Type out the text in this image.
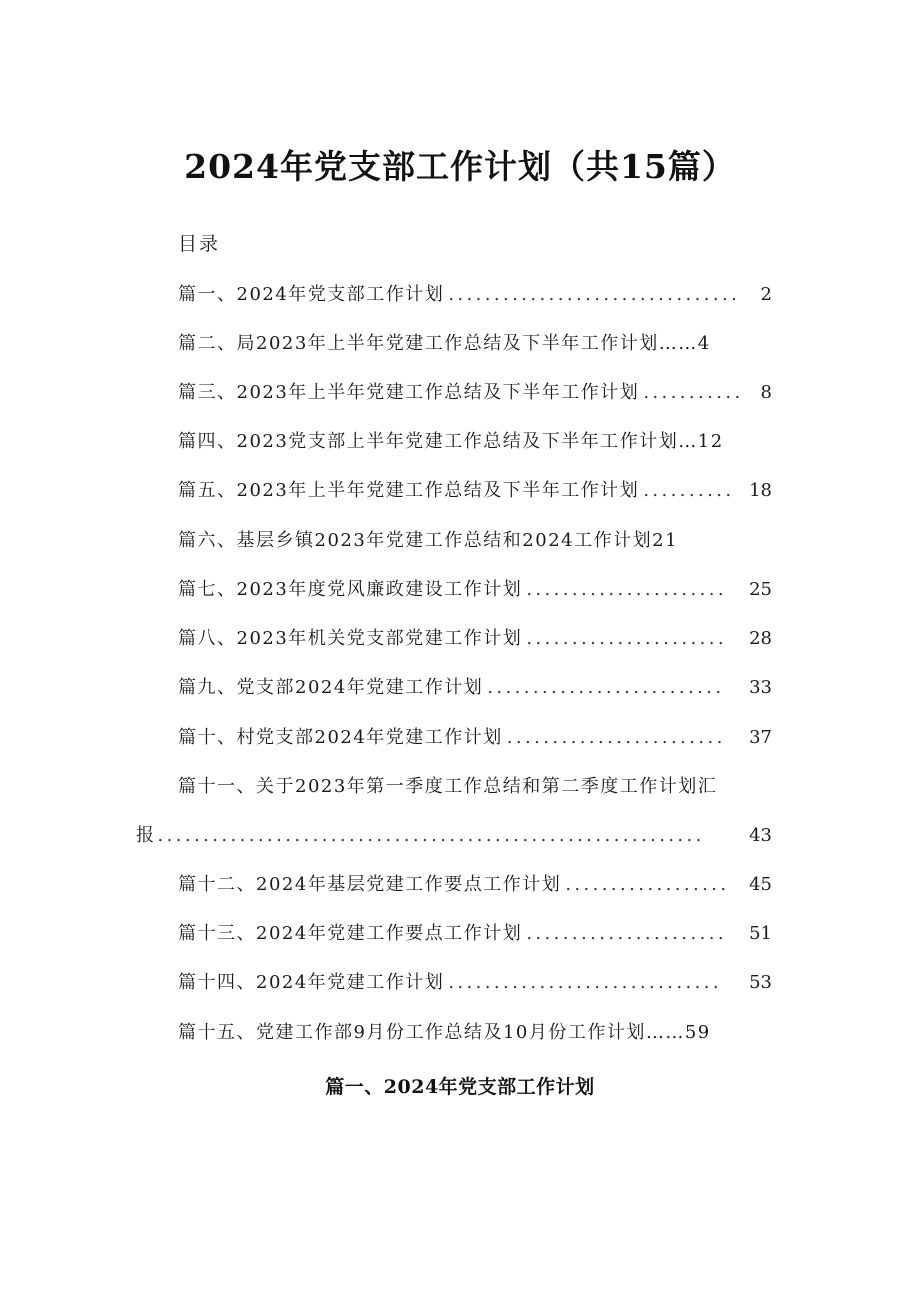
2024年党支部工作计划（共15篇）
目录
篇一、2024年党支部工作计划 ................................	2
篇二、局2023年上半年党建工作总结及下半年工作计划……4
篇三、2023年上半年党建工作总结及下半年工作计划 ........... 8
篇四、2023党支部上半年党建工作总结及下半年工作计划…12
篇五、2023年上半年党建工作总结及下半年工作计划 .......... 18
篇六、基层乡镇2023年党建工作总结和2024工作计划21
篇七、2023年度党风廉政建设工作计划 ......................	25
篇八、2023年机关党支部党建工作计划 ......................	28
篇九、党支部2024年党建工作计划 ..........................	33
篇十、村党支部2024年党建工作计划 ........................	37
篇十一、关于2023年第一季度工作总结和第二季度工作计划汇
报 ............................................................	43
篇十二、2024年基层党建工作要点工作计划 ..................	45
篇十三、2024年党建工作要点工作计划 ......................	51
篇十四、2024年党建工作计划 ..............................	53
篇十五、党建工作部9月份工作总结及10月份工作计划……59
篇一、2024年党支部工作计划
